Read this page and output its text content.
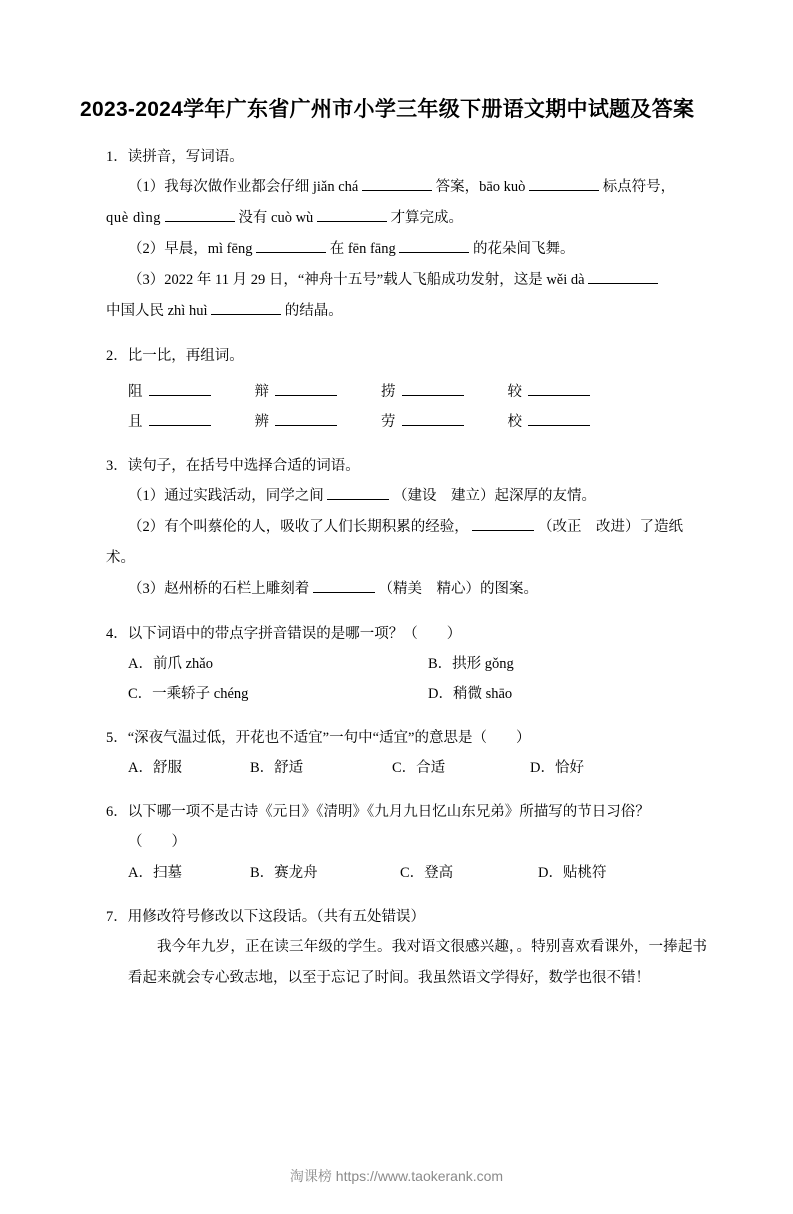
2023-2024学年广东省广州市小学三年级下册语文期中试题及答案
1．读拼音，写词语。
（1）我每次做作业都会仔细 jiǎn chá	答案，bāo kuò	标点符号，
què dìng	没有 cuò wù	才算完成。
（2）早晨，mì fēng	在 fēn fāng	的花朵间飞舞。
（3）2022 年 11 月 29 日，“神舟十五号”载人飞船成功发射，这是 wěi dà
中国人民 zhì huì	的结晶。
2．比一比，再组词。
阻			辩			捞			较	
且			辨			劳			校	
3．读句子，在括号中选择合适的词语。
（1）通过实践活动，同学之间	（建设　建立）起深厚的友情。
（2）有个叫蔡伦的人，吸收了人们长期积累的经验，	（改正　改进）了造纸
术。
（3）赵州桥的石栏上雕刻着	（精美　精心）的图案。
4．以下词语中的带点字拼音错误的是哪一项？（　　）
A．前爪 zhǎo	B．拱形 gǒng
C．一乘轿子 chéng	D．稍微 shāo
5．“深夜气温过低，开花也不适宜”一句中“适宜”的意思是（　　）
A．舒服	B．舒适	C．合适	D．恰好
6．以下哪一项不是古诗《元日》《清明》《九月九日忆山东兄弟》所描写的节日习俗？
（　　）
A．扫墓	B．赛龙舟	C．登高	D．贴桃符
7．用修改符号修改以下这段话。（共有五处错误）
我今年九岁，正在读三年级的学生。我对语文很感兴趣，。特别喜欢看课外，一捧起书看起来就会专心致志地，以至于忘记了时间。我虽然语文学得好，数学也很不错！
淘课榜 https://www.taokerank.com
